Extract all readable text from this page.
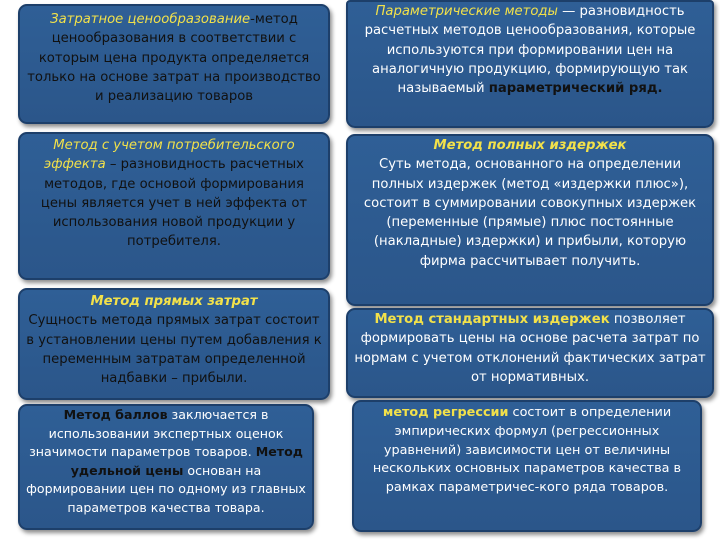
Затратное ценообразование-метод ценообразования в соответствии с которым цена продукта определяется только на основе затрат на производство и реализацию товаров
Метод с учетом потребительского эффекта – разновидность расчетных методов, где основой формирования цены является учет в ней эффекта от использования новой продукции у потребителя.
Метод прямых затрат
Сущность метода прямых затрат состоит в установлении цены путем добавления к переменным затратам определенной надбавки – прибыли.
Метод баллов заключается в использовании экспертных оценок значимости параметров товаров. Метод удельной цены основан на формировании цен по одному из главных параметров качества товара.
Параметрические методы — разновидность расчетных методов ценообразования, которые используются при формировании цен на аналогичную продукцию, формирующую так называемый параметрический ряд.
Метод полных издержек
Суть метода, основанного на определении полных издержек (метод «издержки плюс»), состоит в суммировании совокупных издержек (переменные (прямые) плюс постоянные (накладные) издержки) и прибыли, которую фирма рассчитывает получить.
Метод стандартных издержек позволяет формировать цены на основе расчета затрат по нормам с учетом отклонений фактических затрат от нормативных.
метод регрессии состоит в определении эмпирических формул (регрессионных уравнений) зависимости цен от величины нескольких основных параметров качества в рамках параметричес-кого ряда товаров.
